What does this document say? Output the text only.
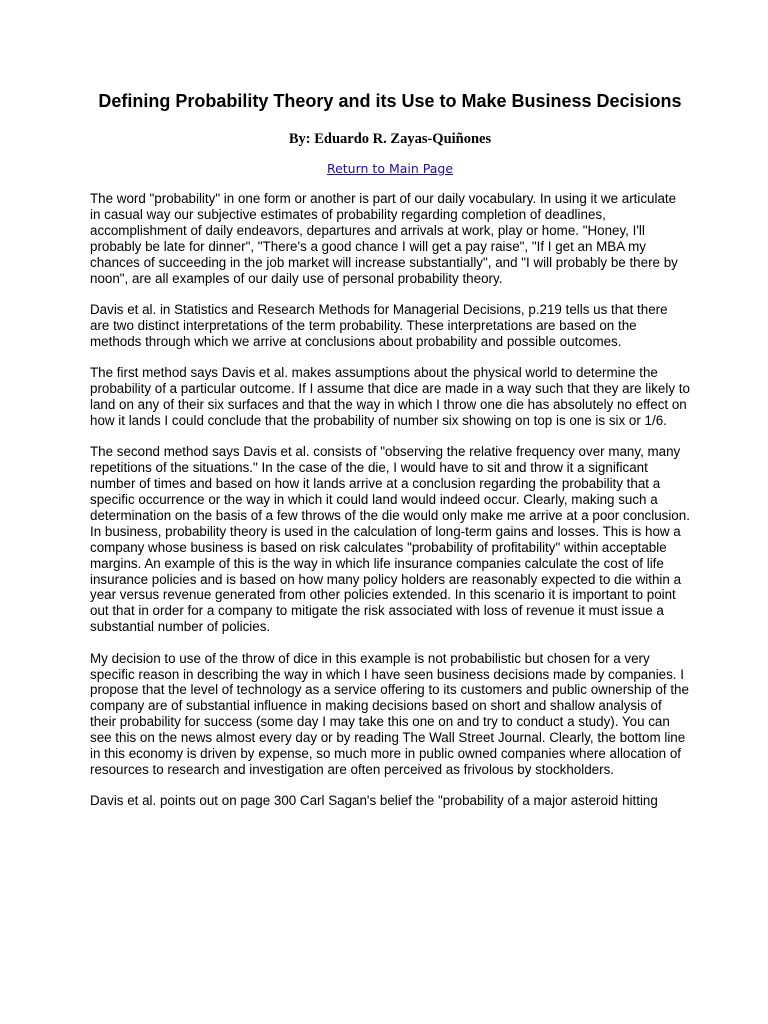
Defining Probability Theory and its Use to Make Business Decisions
By: Eduardo R. Zayas-Quiñones
Return to Main Page

The word "probability" in one form or another is part of our daily vocabulary. In using it we articulate in casual way our subjective estimates of probability regarding completion of deadlines, accomplishment of daily endeavors, departures and arrivals at work, play or home. "Honey, I'll probably be late for dinner", "There's a good chance I will get a pay raise", "If I get an MBA my chances of succeeding in the job market will increase substantially", and "I will probably be there by noon", are all examples of our daily use of personal probability theory.

Davis et al. in Statistics and Research Methods for Managerial Decisions, p.219 tells us that there are two distinct interpretations of the term probability. These interpretations are based on the methods through which we arrive at conclusions about probability and possible outcomes.

The first method says Davis et al. makes assumptions about the physical world to determine the probability of a particular outcome. If I assume that dice are made in a way such that they are likely to land on any of their six surfaces and that the way in which I throw one die has absolutely no effect on how it lands I could conclude that the probability of number six showing on top is one is six or 1/6.

The second method says Davis et al. consists of "observing the relative frequency over many, many repetitions of the situations." In the case of the die, I would have to sit and throw it a significant number of times and based on how it lands arrive at a conclusion regarding the probability that a specific occurrence or the way in which it could land would indeed occur. Clearly, making such a determination on the basis of a few throws of the die would only make me arrive at a poor conclusion.

In business, probability theory is used in the calculation of long-term gains and losses. This is how a company whose business is based on risk calculates "probability of profitability" within acceptable margins. An example of this is the way in which life insurance companies calculate the cost of life insurance policies and is based on how many policy holders are reasonably expected to die within a year versus revenue generated from other policies extended. In this scenario it is important to point out that in order for a company to mitigate the risk associated with loss of revenue it must issue a substantial number of policies.

My decision to use of the throw of dice in this example is not probabilistic but chosen for a very specific reason in describing the way in which I have seen business decisions made by companies. I propose that the level of technology as a service offering to its customers and public ownership of the company are of substantial influence in making decisions based on short and shallow analysis of their probability for success (some day I may take this one on and try to conduct a study). You can see this on the news almost every day or by reading The Wall Street Journal. Clearly, the bottom line in this economy is driven by expense, so much more in public owned companies where allocation of resources to research and investigation are often perceived as frivolous by stockholders.

Davis et al. points out on page 300 Carl Sagan's belief the "probability of a major asteroid hitting
